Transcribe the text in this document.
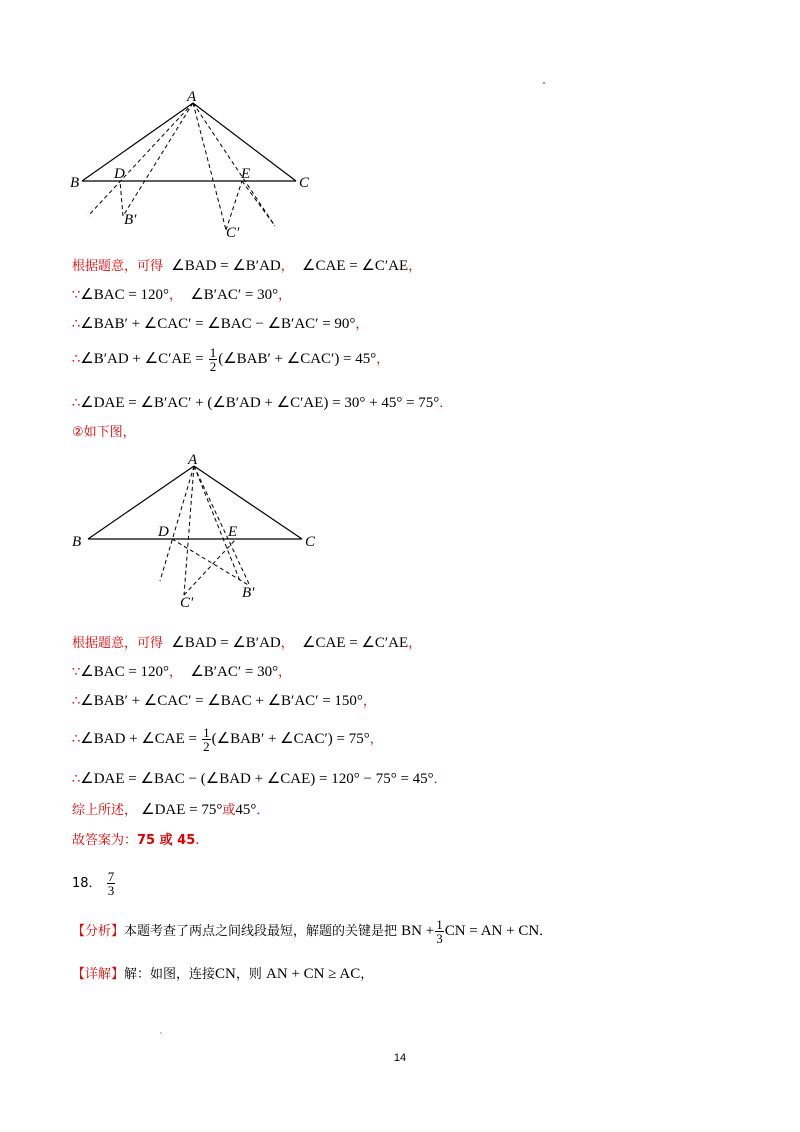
A
B	C
D	E
B′
C′
根据题意，可得 ∠BAD = ∠B′AD，  ∠CAE = ∠C′AE，
∵∠BAC = 120°，  ∠B′AC′ = 30°，
∴∠BAB′ + ∠CAC′ = ∠BAC − ∠B′AC′ = 90°，
∴∠B′AD + ∠C′AE = $\frac{1}{2}$ (∠BAB′ + ∠CAC′) = 45°，
∴∠DAE = ∠B′AC′ + (∠B′AD + ∠C′AE) = 30° + 45° = 75°．
②如下图，
A
B	C
D	E
B′
C′
根据题意，可得 ∠BAD = ∠B′AD，  ∠CAE = ∠C′AE，
∵∠BAC = 120°，  ∠B′AC′ = 30°，
∴∠BAB′ + ∠CAC′ = ∠BAC + ∠B′AC′ = 150°，
∴∠BAD + ∠CAE = $\frac{1}{2}$ (∠BAB′ + ∠CAC′) = 75°，
∴∠DAE = ∠BAC − (∠BAD + ∠CAE) = 120° − 75° = 45°．
综上所述， ∠DAE = 75°或45°．
故答案为：75 或 45.
18． $\frac{7}{3}$
【分析】本题考查了两点之间线段最短，解题的关键是把 BN + $\frac{1}{3}$ CN = AN + CN．
【详解】解：如图，连接CN，则 AN + CN ≥ AC，
14
